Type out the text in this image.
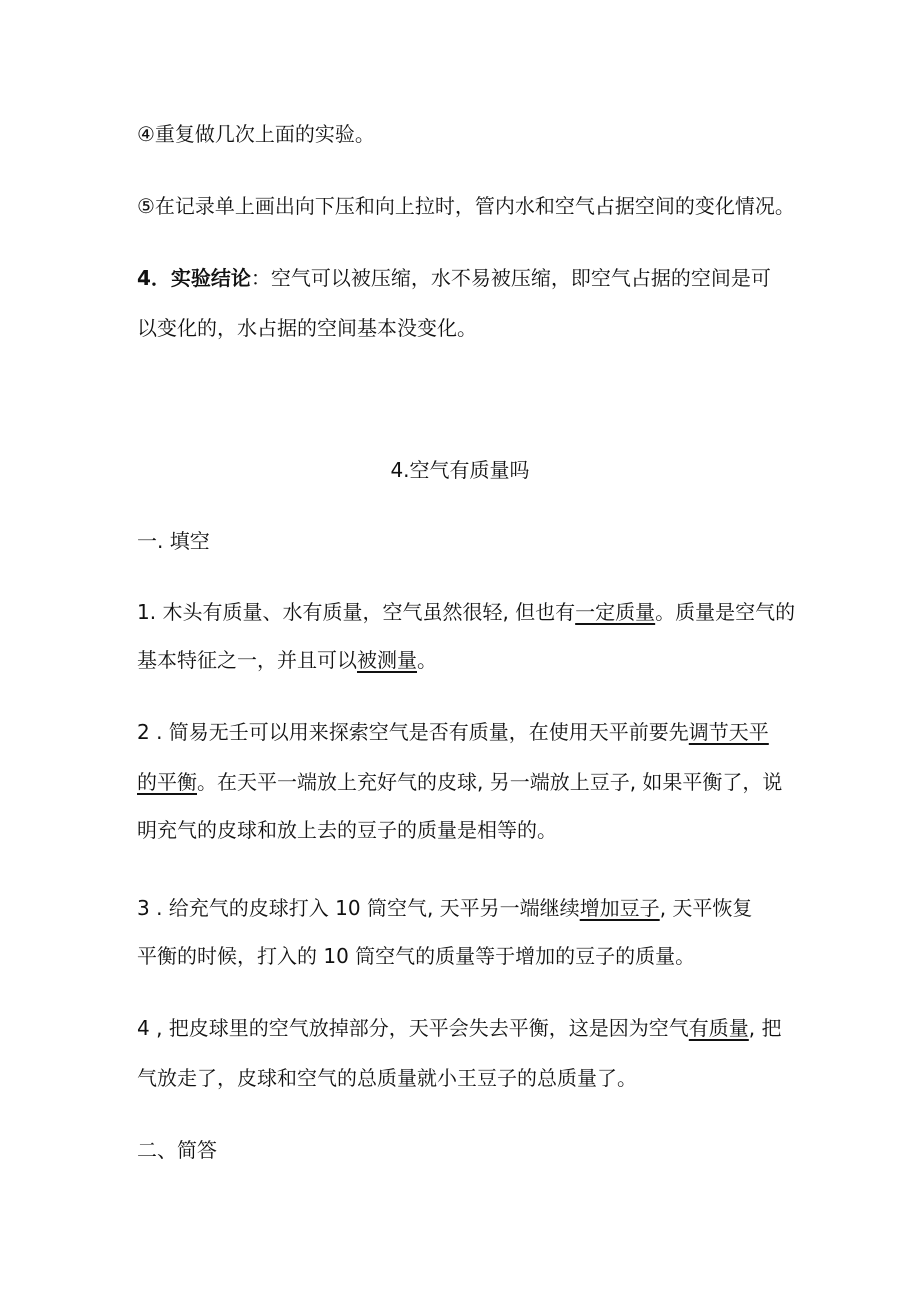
④重复做几次上面的实验。

⑤在记录单上画出向下压和向上拉时，管内水和空气占据空间的变化情况。

4．实验结论：空气可以被压缩，水不易被压缩，即空气占据的空间是可

以变化的，水占据的空间基本没变化。

4.空气有质量吗

一. 填空

1. 木头有质量、水有质量，空气虽然很轻, 但也有一定质量。质量是空气的

基本特征之一，并且可以被测量。

2 . 简易无壬可以用来探索空气是否有质量，在使用天平前要先调节天平

的平衡。在天平一端放上充好气的皮球, 另一端放上豆子, 如果平衡了，说

明充气的皮球和放上去的豆子的质量是相等的。

3 . 给充气的皮球打入 10 筒空气, 天平另一端继续增加豆子, 天平恢复

平衡的时候，打入的 10 筒空气的质量等于增加的豆子的质量。

4 , 把皮球里的空气放掉部分，天平会失去平衡，这是因为空气有质量, 把

气放走了，皮球和空气的总质量就小王豆子的总质量了。

二、简答
